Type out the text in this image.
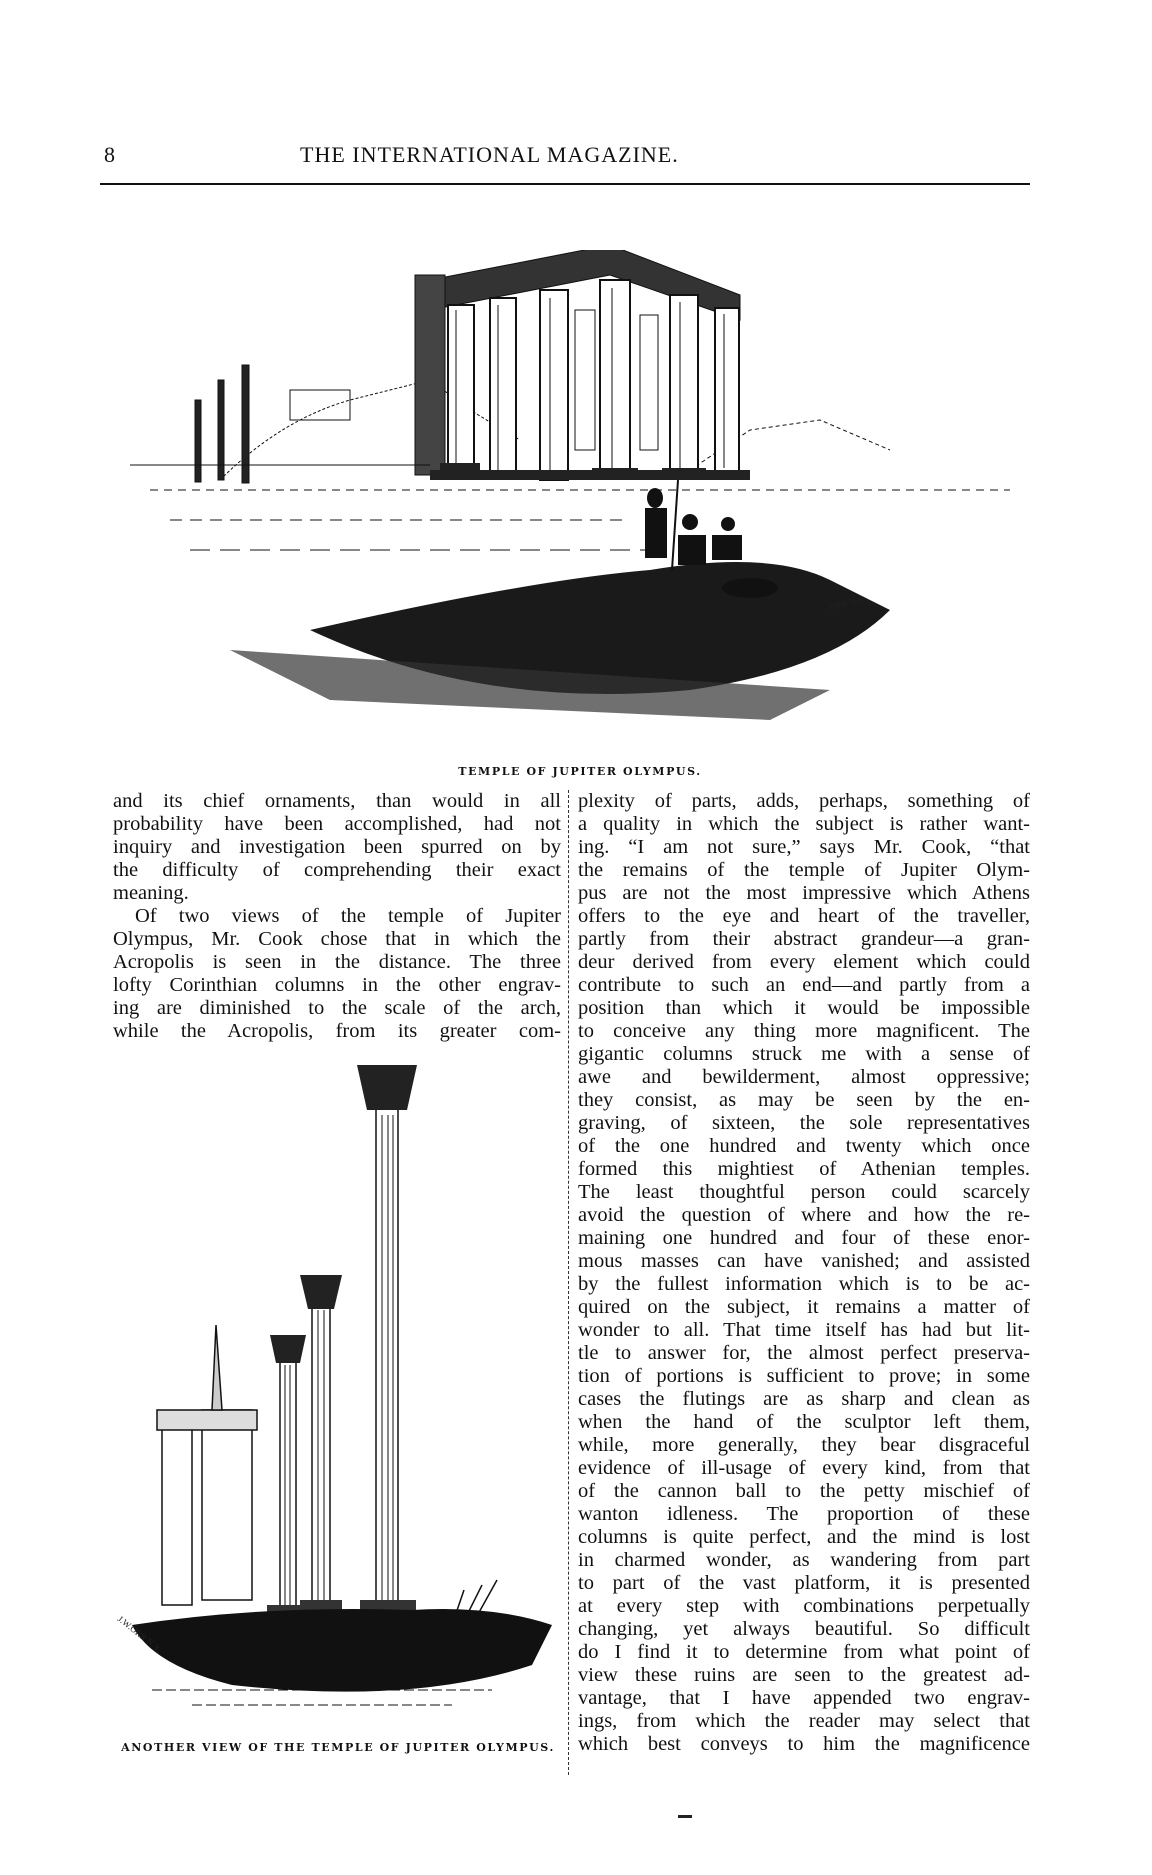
8	THE INTERNATIONAL MAGAZINE.
ORR N.Y.
TEMPLE OF JUPITER OLYMPUS.
and its chief ornaments, than would in all
probability have been accomplished, had not
inquiry and investigation been spurred on by
the difficulty of comprehending their exact
meaning.
Of two views of the temple of Jupiter
Olympus, Mr. Cook chose that in which the
Acropolis is seen in the distance. The three
lofty Corinthian columns in the other engrav-
ing are diminished to the scale of the arch,
while the Acropolis, from its greater com-
plexity of parts, adds, perhaps, something of
a quality in which the subject is rather want-
ing. “I am not sure,” says Mr. Cook, “that
the remains of the temple of Jupiter Olym-
pus are not the most impressive which Athens
offers to the eye and heart of the traveller,
partly from their abstract grandeur—a gran-
deur derived from every element which could
contribute to such an end—and partly from a
position than which it would be impossible
to conceive any thing more magnificent. The
gigantic columns struck me with a sense of
awe and bewilderment, almost oppressive;
they consist, as may be seen by the en-
graving, of sixteen, the sole representatives
of the one hundred and twenty which once
formed this mightiest of Athenian temples.
The least thoughtful person could scarcely
avoid the question of where and how the re-
maining one hundred and four of these enor-
mous masses can have vanished; and assisted
by the fullest information which is to be ac-
quired on the subject, it remains a matter of
wonder to all. That time itself has had but lit-
tle to answer for, the almost perfect preserva-
tion of portions is sufficient to prove; in some
cases the flutings are as sharp and clean as
when the hand of the sculptor left them,
while, more generally, they bear disgraceful
evidence of ill-usage of every kind, from that
of the cannon ball to the petty mischief of
wanton idleness. The proportion of these
columns is quite perfect, and the mind is lost
in charmed wonder, as wandering from part
to part of the vast platform, it is presented
at every step with combinations perpetually
changing, yet always beautiful. So difficult
do I find it to determine from what point of
view these ruins are seen to the greatest ad-
vantage, that I have appended two engrav-
ings, from which the reader may select that
which best conveys to him the magnificence
J.W.ORR N.Y.
ANOTHER VIEW OF THE TEMPLE OF JUPITER OLYMPUS.
